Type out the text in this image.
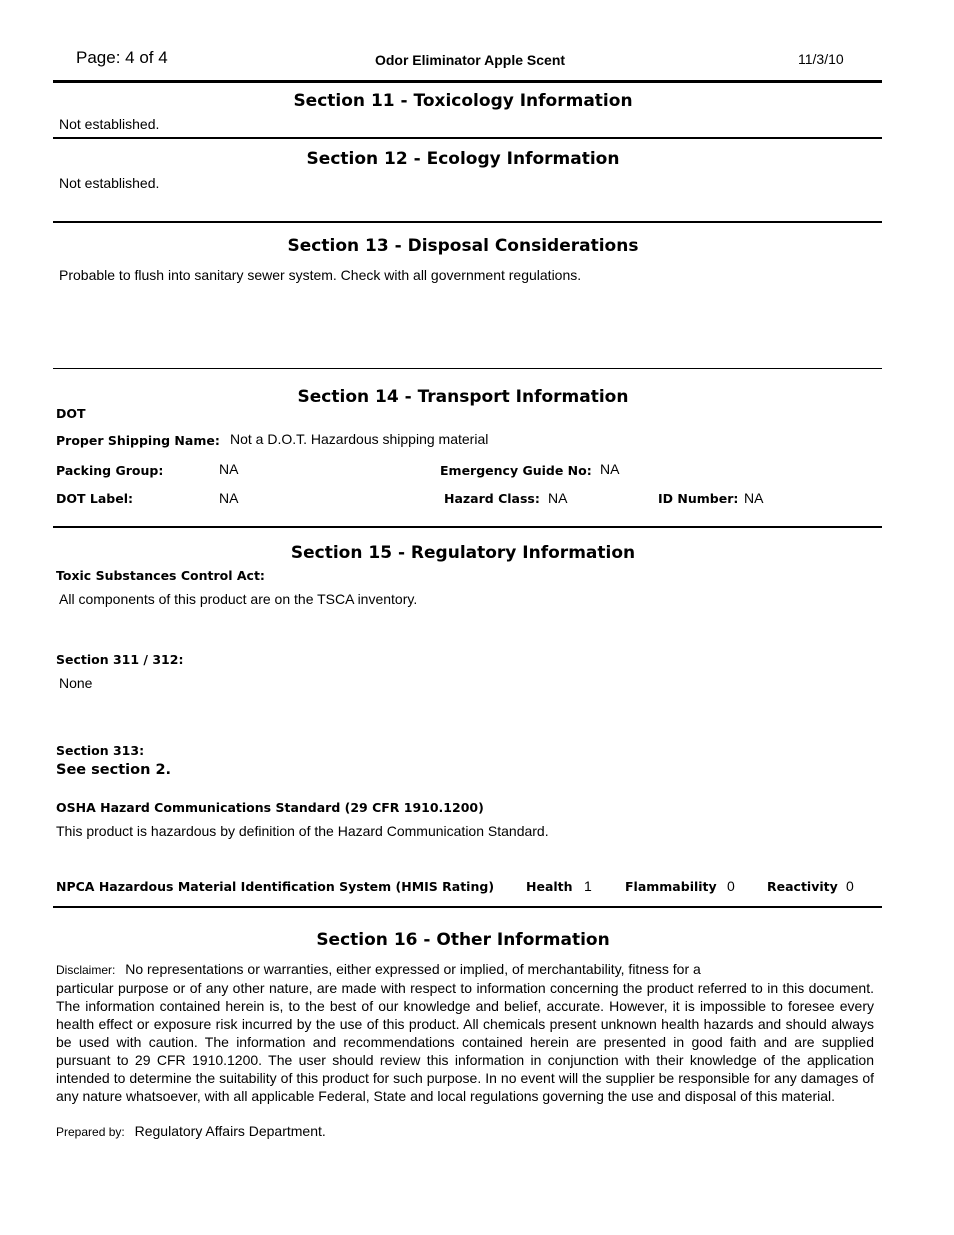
Page: 4 of 4	Odor Eliminator Apple Scent	11/3/10
Section 11 - Toxicology Information
Not established.
Section 12 - Ecology Information
Not established.
Section 13 - Disposal Considerations
Probable to flush into sanitary sewer system. Check with all government regulations.
Section 14 - Transport Information
DOT
Proper Shipping Name: Not a D.O.T. Hazardous shipping material
Packing Group:	NA	Emergency Guide No: NA
DOT Label:	NA	Hazard Class: NA	ID Number: NA
Section 15 - Regulatory Information
Toxic Substances Control Act:
All components of this product are on the TSCA inventory.
Section 311 / 312:
None
Section 313:
See section 2.
OSHA Hazard Communications Standard (29 CFR 1910.1200)
This product is hazardous by definition of the Hazard Communication Standard.
NPCA Hazardous Material Identification System (HMIS Rating)	Health 1	Flammability 0	Reactivity 0
Section 16 - Other Information
Disclaimer: No representations or warranties, either expressed or implied, of merchantability, fitness for a

particular purpose or of any other nature, are made with respect to information concerning the product referred to in this document. The information contained herein is, to the best of our knowledge and belief, accurate. However, it is impossible to foresee every health effect or exposure risk incurred by the use of this product. All chemicals present unknown health hazards and should always be used with caution. The information and recommendations contained herein are presented in good faith and are supplied pursuant to 29 CFR 1910.1200. The user should review this information in conjunction with their knowledge of the application intended to determine the suitability of this product for such purpose. In no event will the supplier be responsible for any damages of any nature whatsoever, with all applicable Federal, State and local regulations governing the use and disposal of this material.

Prepared by: Regulatory Affairs Department.
